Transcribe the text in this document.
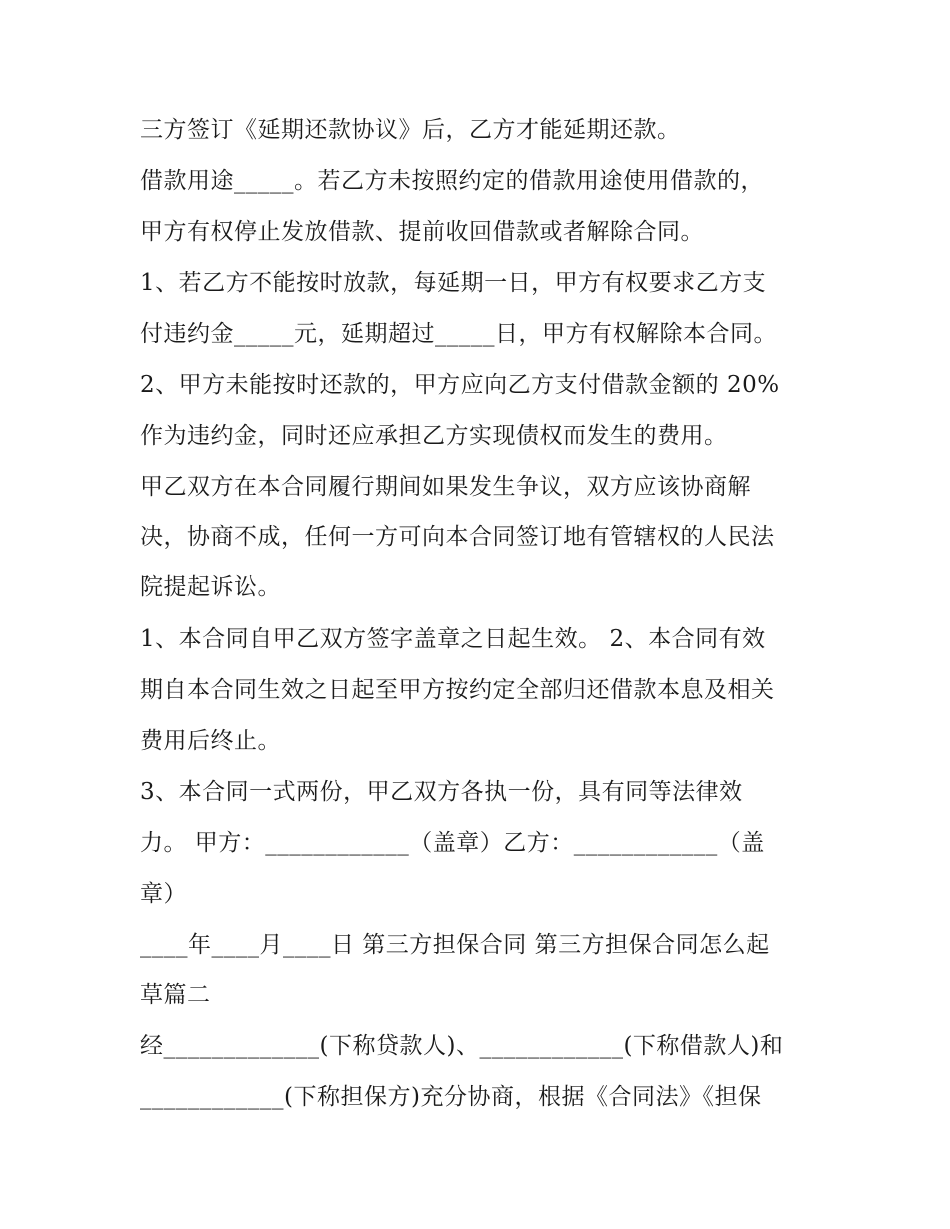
三方签订《延期还款协议》后，乙方才能延期还款。
借款用途_____。若乙方未按照约定的借款用途使用借款的，
甲方有权停止发放借款、提前收回借款或者解除合同。
1、若乙方不能按时放款，每延期一日，甲方有权要求乙方支
付违约金_____元，延期超过_____日，甲方有权解除本合同。
2、甲方未能按时还款的，甲方应向乙方支付借款金额的 20%
作为违约金，同时还应承担乙方实现债权而发生的费用。
甲乙双方在本合同履行期间如果发生争议，双方应该协商解
决，协商不成，任何一方可向本合同签订地有管辖权的人民法
院提起诉讼。
1、本合同自甲乙双方签字盖章之日起生效。 2、本合同有效
期自本合同生效之日起至甲方按约定全部归还借款本息及相关
费用后终止。
3、本合同一式两份，甲乙双方各执一份，具有同等法律效
力。 甲方：____________（盖章）乙方：____________（盖
章）
____年____月____日 第三方担保合同 第三方担保合同怎么起
草篇二
经_____________(下称贷款人)、____________(下称借款人)和
____________(下称担保方)充分协商，根据《合同法》《担保
